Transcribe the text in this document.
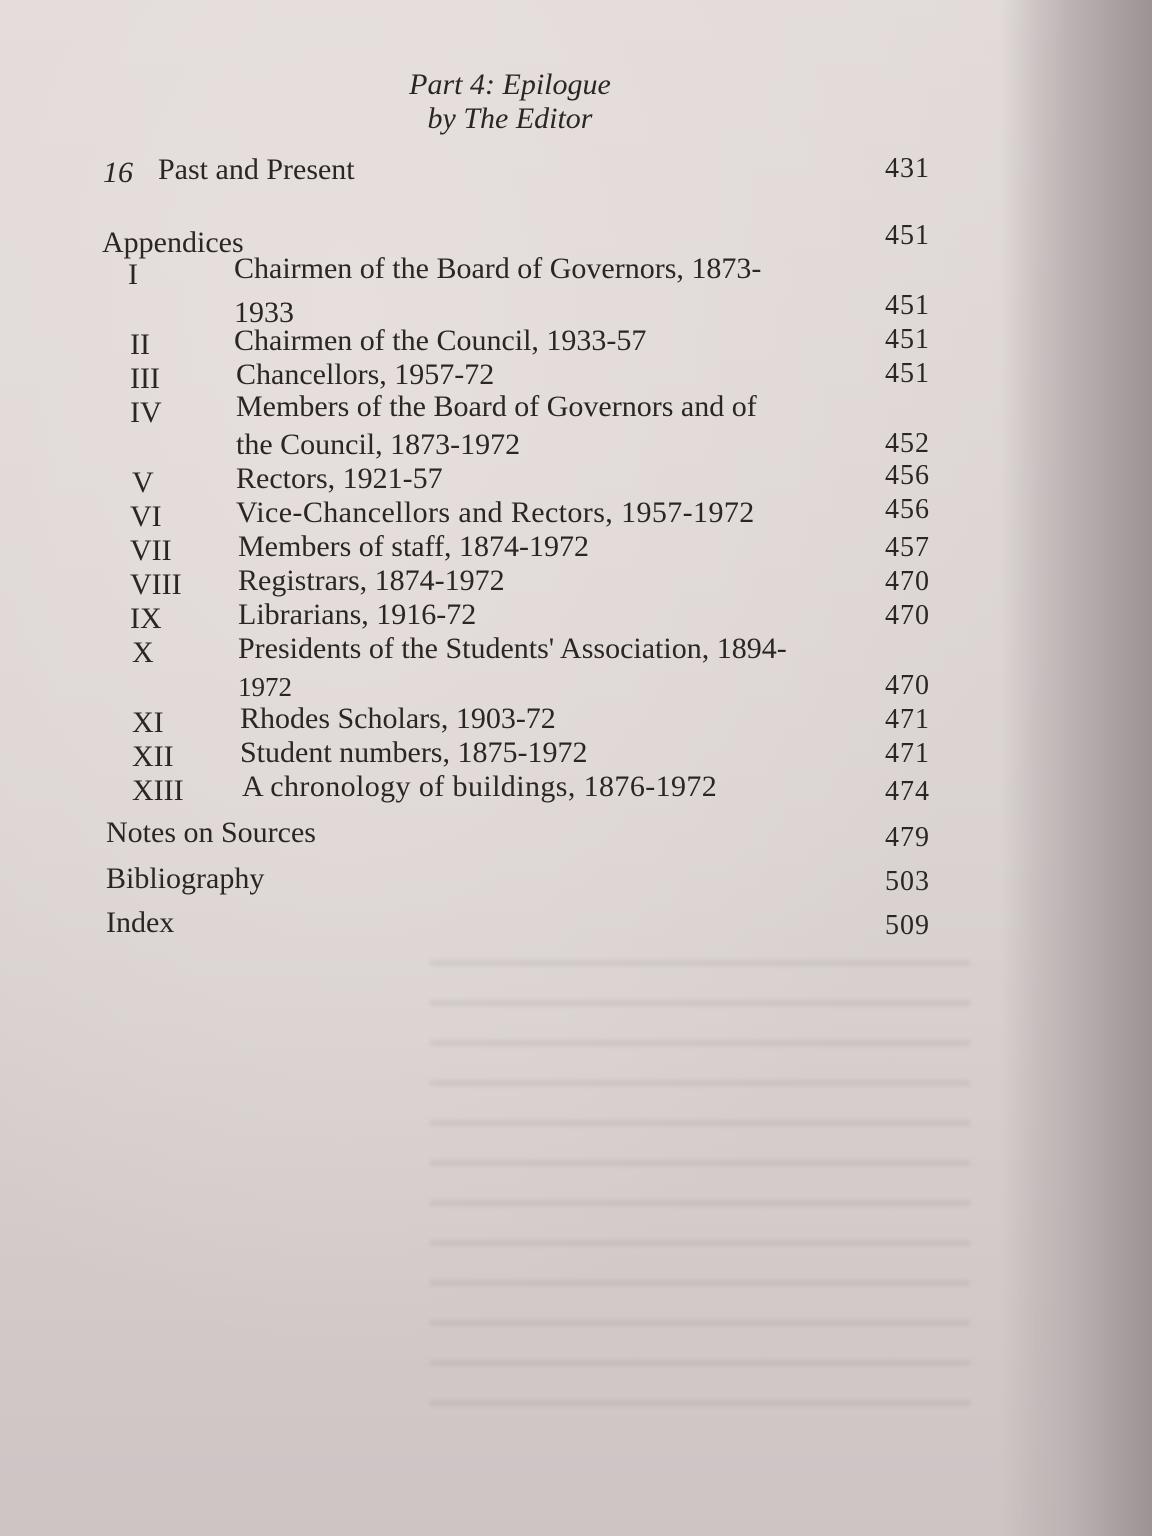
Part 4: Epilogue
by The Editor
16 Past and Present	431
Appendices	451
I	Chairmen of the Board of Governors, 1873-
1933	451
II	Chairmen of the Council, 1933-57	451
III	Chancellors, 1957-72	451
IV Members of the Board of Governors and of
the Council, 1873-1972	452
V	Rectors, 1921-57	456
VI Vice-Chancellors and Rectors, 1957-1972	456
VII Members of staff, 1874-1972	457
VIII Registrars, 1874-1972	470
IX	Librarians, 1916-72	470
X	Presidents of the Students' Association, 1894-
1972	470
XI	Rhodes Scholars, 1903-72	471
XII Student numbers, 1875-1972	471
XIII A chronology of buildings, 1876-1972	474
Notes on Sources	479
Bibliography	503
Index	509
